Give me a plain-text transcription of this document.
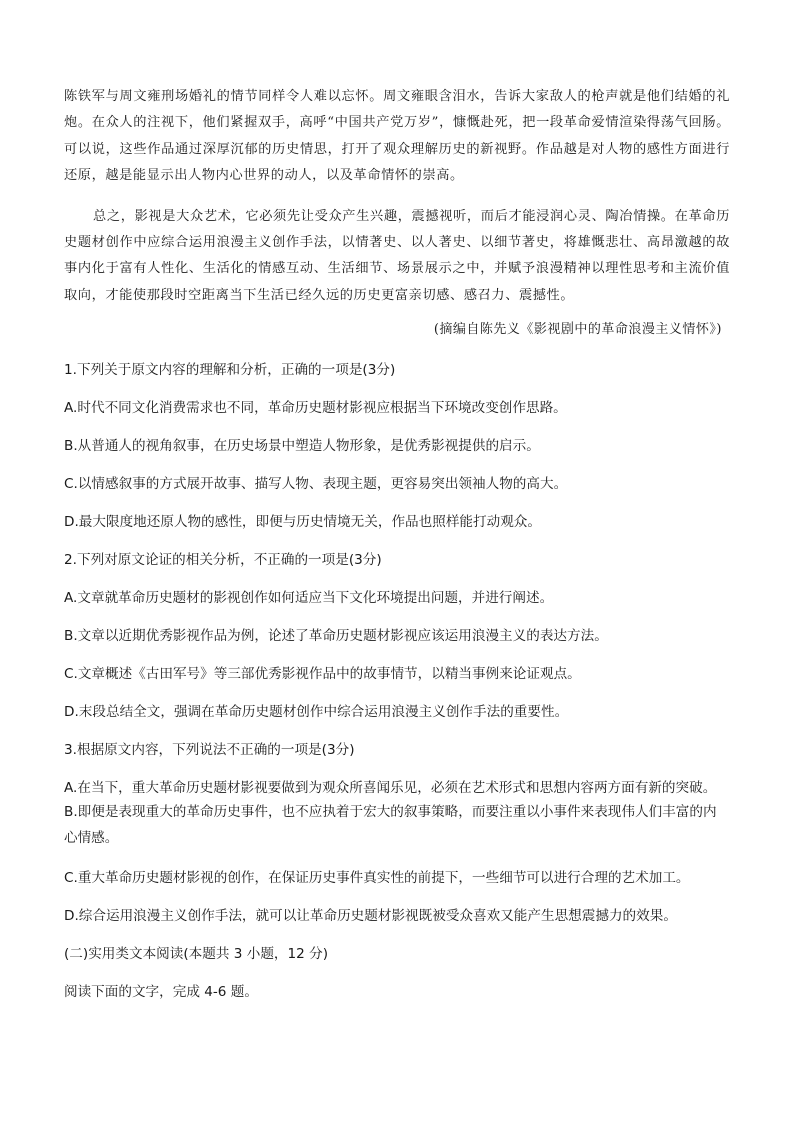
陈铁军与周文雍刑场婚礼的情节同样令人难以忘怀。周文雍眼含泪水，告诉大家敌人的枪声就是他们结婚的礼炮。在众人的注视下，他们紧握双手，高呼“中国共产党万岁”，慷慨赴死，把一段革命爱情渲染得荡气回肠。可以说，这些作品通过深厚沉郁的历史情思，打开了观众理解历史的新视野。作品越是对人物的感性方面进行还原，越是能显示出人物内心世界的动人，以及革命情怀的崇高。

总之，影视是大众艺术，它必须先让受众产生兴趣，震撼视听，而后才能浸润心灵、陶冶情操。在革命历史题材创作中应综合运用浪漫主义创作手法，以情著史、以人著史、以细节著史，将雄慨悲壮、高昂激越的故事内化于富有人性化、生活化的情感互动、生活细节、场景展示之中，并赋予浪漫精神以理性思考和主流价值取向，才能使那段时空距离当下生活已经久远的历史更富亲切感、感召力、震撼性。

(摘编自陈先义《影视剧中的革命浪漫主义情怀》)

1.下列关于原文内容的理解和分析，正确的一项是(3分)

A.时代不同文化消费需求也不同，革命历史题材影视应根据当下环境改变创作思路。

B.从普通人的视角叙事，在历史场景中塑造人物形象，是优秀影视提供的启示。

C.以情感叙事的方式展开故事、描写人物、表现主题，更容易突出领袖人物的高大。

D.最大限度地还原人物的感性，即便与历史情境无关，作品也照样能打动观众。

2.下列对原文论证的相关分析，不正确的一项是(3分)

A.文章就革命历史题材的影视创作如何适应当下文化环境提出问题，并进行阐述。

B.文章以近期优秀影视作品为例，论述了革命历史题材影视应该运用浪漫主义的表达方法。

C.文章概述《古田军号》等三部优秀影视作品中的故事情节，以精当事例来论证观点。

D.末段总结全文，强调在革命历史题材创作中综合运用浪漫主义创作手法的重要性。

3.根据原文内容，下列说法不正确的一项是(3分)

A.在当下，重大革命历史题材影视要做到为观众所喜闻乐见，必须在艺术形式和思想内容两方面有新的突破。

B.即便是表现重大的革命历史事件，也不应执着于宏大的叙事策略，而要注重以小事件来表现伟人们丰富的内心情感。

C.重大革命历史题材影视的创作，在保证历史事件真实性的前提下，一些细节可以进行合理的艺术加工。

D.综合运用浪漫主义创作手法，就可以让革命历史题材影视既被受众喜欢又能产生思想震撼力的效果。

(二)实用类文本阅读(本题共 3 小题，12 分)

阅读下面的文字，完成 4-6 题。
